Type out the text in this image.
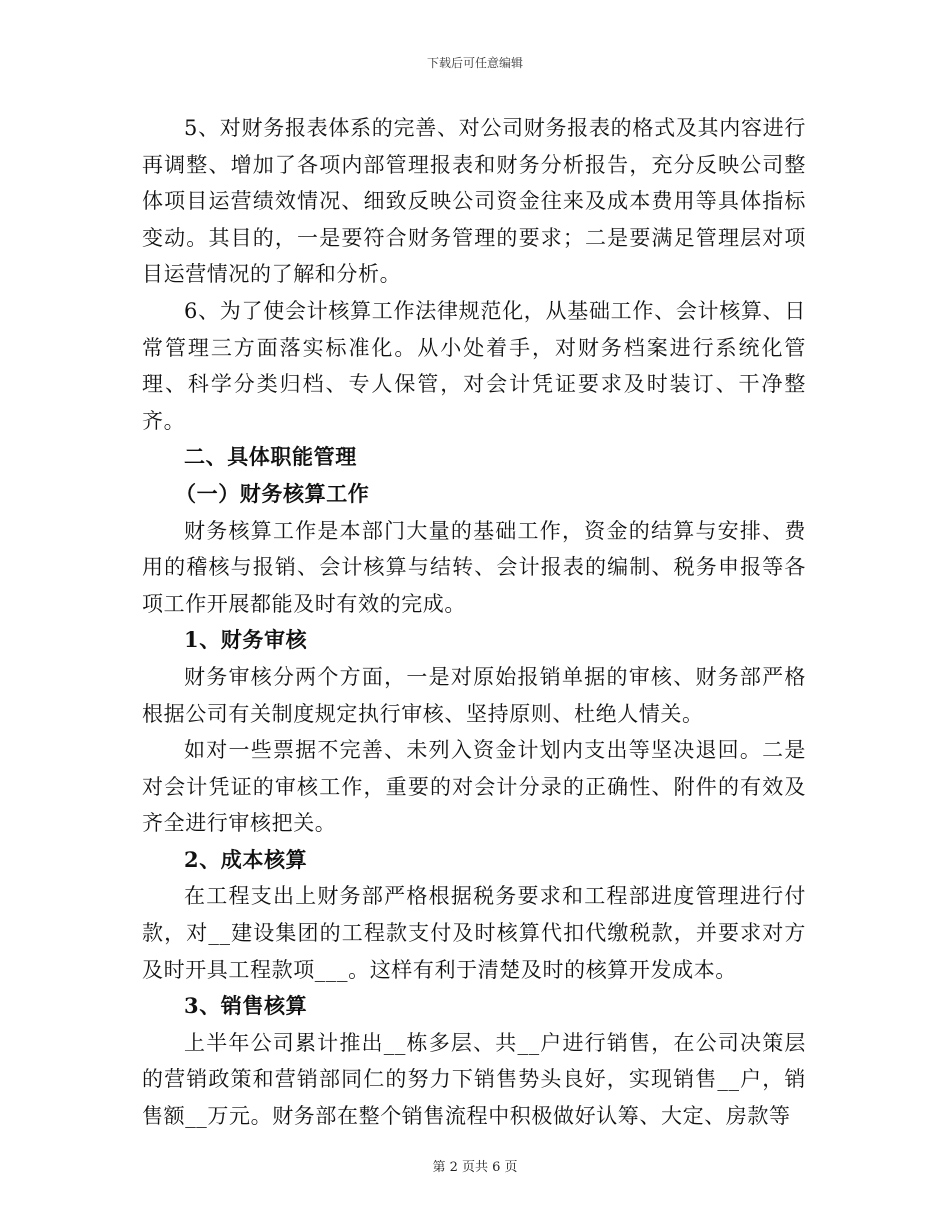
下载后可任意编辑

5、对财务报表体系的完善、对公司财务报表的格式及其内容进行再调整、增加了各项内部管理报表和财务分析报告，充分反映公司整体项目运营绩效情况、细致反映公司资金往来及成本费用等具体指标变动。其目的，一是要符合财务管理的要求；二是要满足管理层对项目运营情况的了解和分析。

6、为了使会计核算工作法律规范化，从基础工作、会计核算、日常管理三方面落实标准化。从小处着手，对财务档案进行系统化管理、科学分类归档、专人保管，对会计凭证要求及时装订、干净整齐。

二、具体职能管理

（一）财务核算工作

财务核算工作是本部门大量的基础工作，资金的结算与安排、费用的稽核与报销、会计核算与结转、会计报表的编制、税务申报等各项工作开展都能及时有效的完成。

1、财务审核

财务审核分两个方面，一是对原始报销单据的审核、财务部严格根据公司有关制度规定执行审核、坚持原则、杜绝人情关。

如对一些票据不完善、未列入资金计划内支出等坚决退回。二是对会计凭证的审核工作，重要的对会计分录的正确性、附件的有效及齐全进行审核把关。

2、成本核算

在工程支出上财务部严格根据税务要求和工程部进度管理进行付款，对__建设集团的工程款支付及时核算代扣代缴税款，并要求对方及时开具工程款项___。这样有利于清楚及时的核算开发成本。

3、销售核算

上半年公司累计推出__栋多层、共__户进行销售，在公司决策层的营销政策和营销部同仁的努力下销售势头良好，实现销售__户，销售额__万元。财务部在整个销售流程中积极做好认筹、大定、房款等

第 2 页共 6 页
